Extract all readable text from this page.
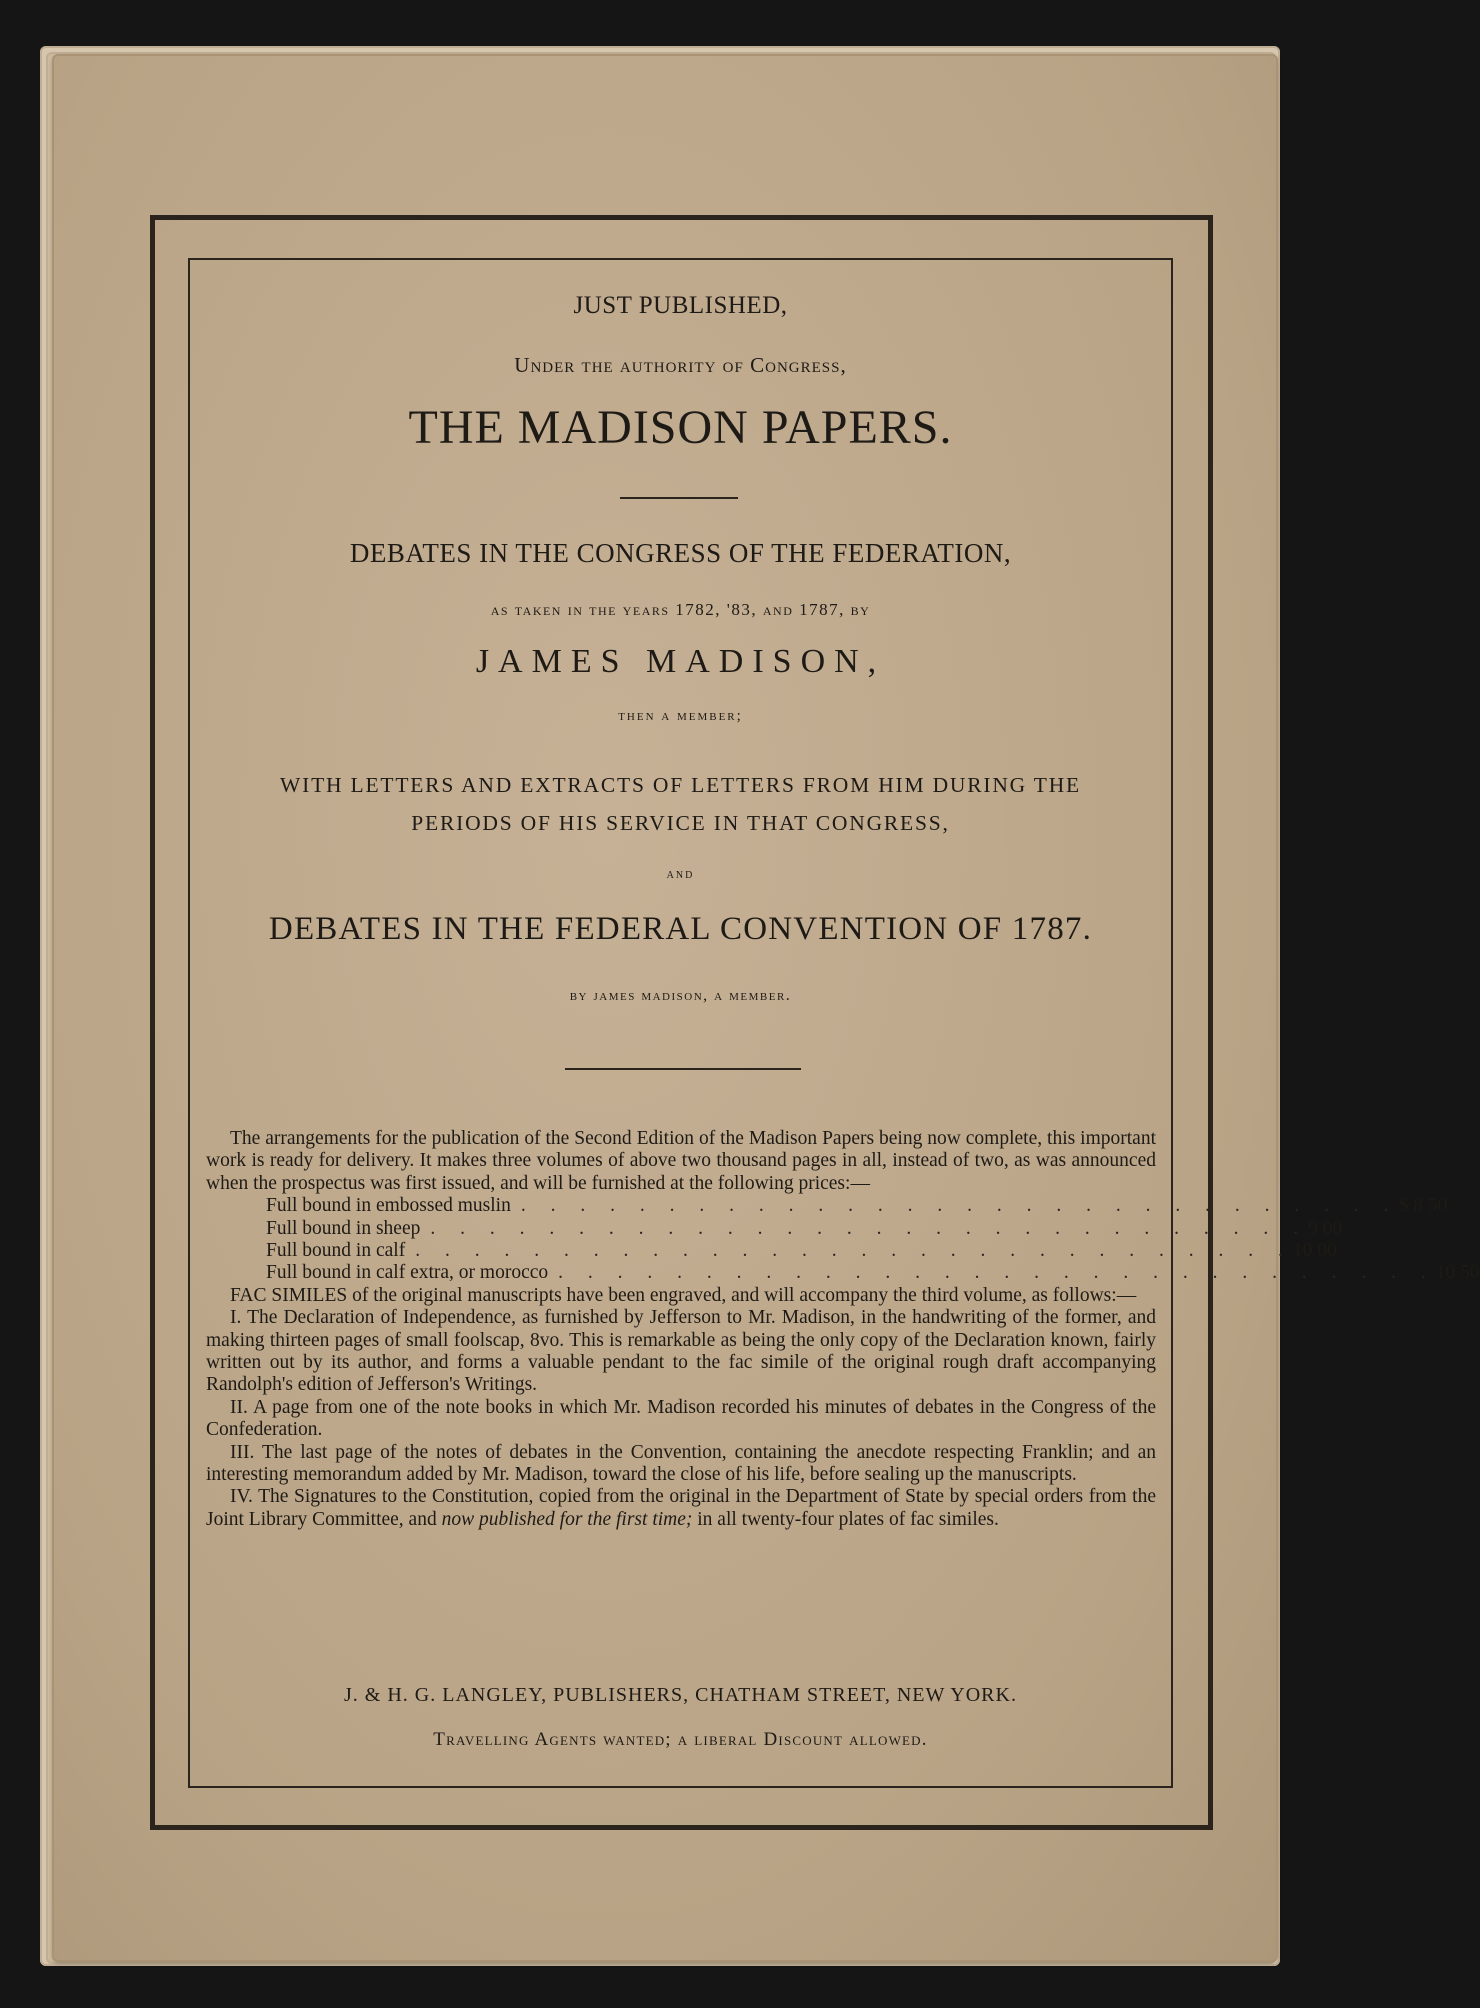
JUST PUBLISHED,
Under the authority of Congress,
THE MADISON PAPERS.
DEBATES IN THE CONGRESS OF THE FEDERATION,
as taken in the years 1782, '83, and 1787, by
JAMES MADISON,
then a member;
WITH LETTERS AND EXTRACTS OF LETTERS FROM HIM DURING THE
PERIODS OF HIS SERVICE IN THAT CONGRESS,
and
DEBATES IN THE FEDERAL CONVENTION OF 1787.
by james madison, a member.

The arrangements for the publication of the Second Edition of the Madison Papers being now complete, this important work is ready for delivery. It makes three volumes of above two thousand pages in all, instead of two, as was announced when the prospectus was first issued, and will be furnished at the following prices:—

Full bound in embossed muslin . . . . . . . . . . . . . . . . . . . . . . . . . . . . . . $ 8 50
Full bound in sheep . . . . . . . . . . . . . . . . . . . . . . . . . . . . . . 9 00
Full bound in calf . . . . . . . . . . . . . . . . . . . . . . . . . . . . . . 10 00
Full bound in calf extra, or morocco . . . . . . . . . . . . . . . . . . . . . . . . . . . . . . 10 50

FAC SIMILES of the original manuscripts have been engraved, and will accompany the third volume, as follows:—

I. The Declaration of Independence, as furnished by Jefferson to Mr. Madison, in the handwriting of the former, and making thirteen pages of small foolscap, 8vo. This is remarkable as being the only copy of the Declaration known, fairly written out by its author, and forms a valuable pendant to the fac simile of the original rough draft accompanying Randolph's edition of Jefferson's Writings.

II. A page from one of the note books in which Mr. Madison recorded his minutes of debates in the Congress of the Confederation.

III. The last page of the notes of debates in the Convention, containing the anecdote respecting Franklin; and an interesting memorandum added by Mr. Madison, toward the close of his life, before sealing up the manuscripts.

IV. The Signatures to the Constitution, copied from the original in the Department of State by special orders from the Joint Library Committee, and now published for the first time; in all twenty-four plates of fac similes.

J. & H. G. LANGLEY, PUBLISHERS, CHATHAM STREET, NEW YORK.
Travelling Agents wanted; a liberal Discount allowed.
